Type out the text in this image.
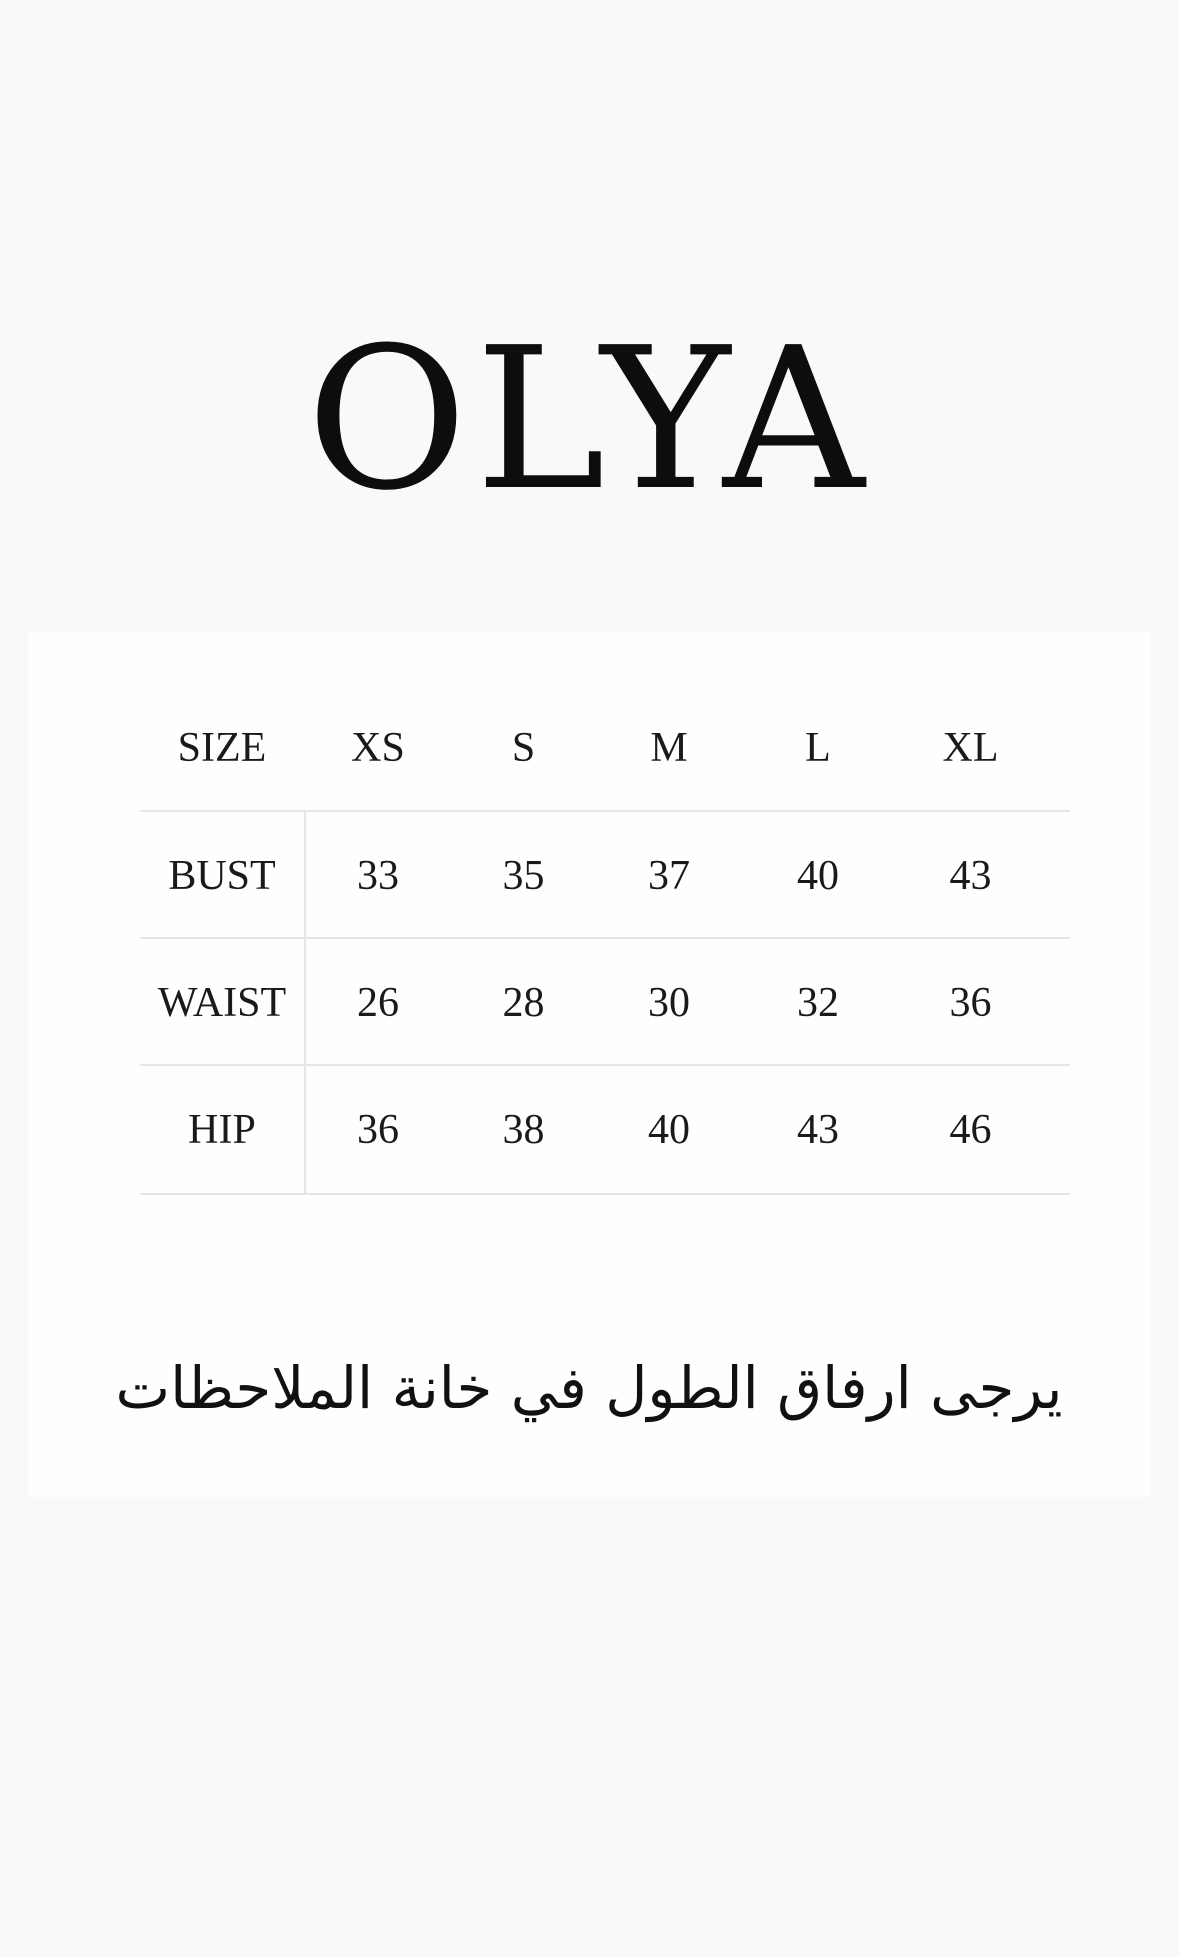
OLYA
SIZE	XS	S	M	L	XL
BUST	33	35	37	40	43
WAIST	26	28	30	32	36
HIP	36	38	40	43	46

يرجى ارفاق الطول في خانة الملاحظات
